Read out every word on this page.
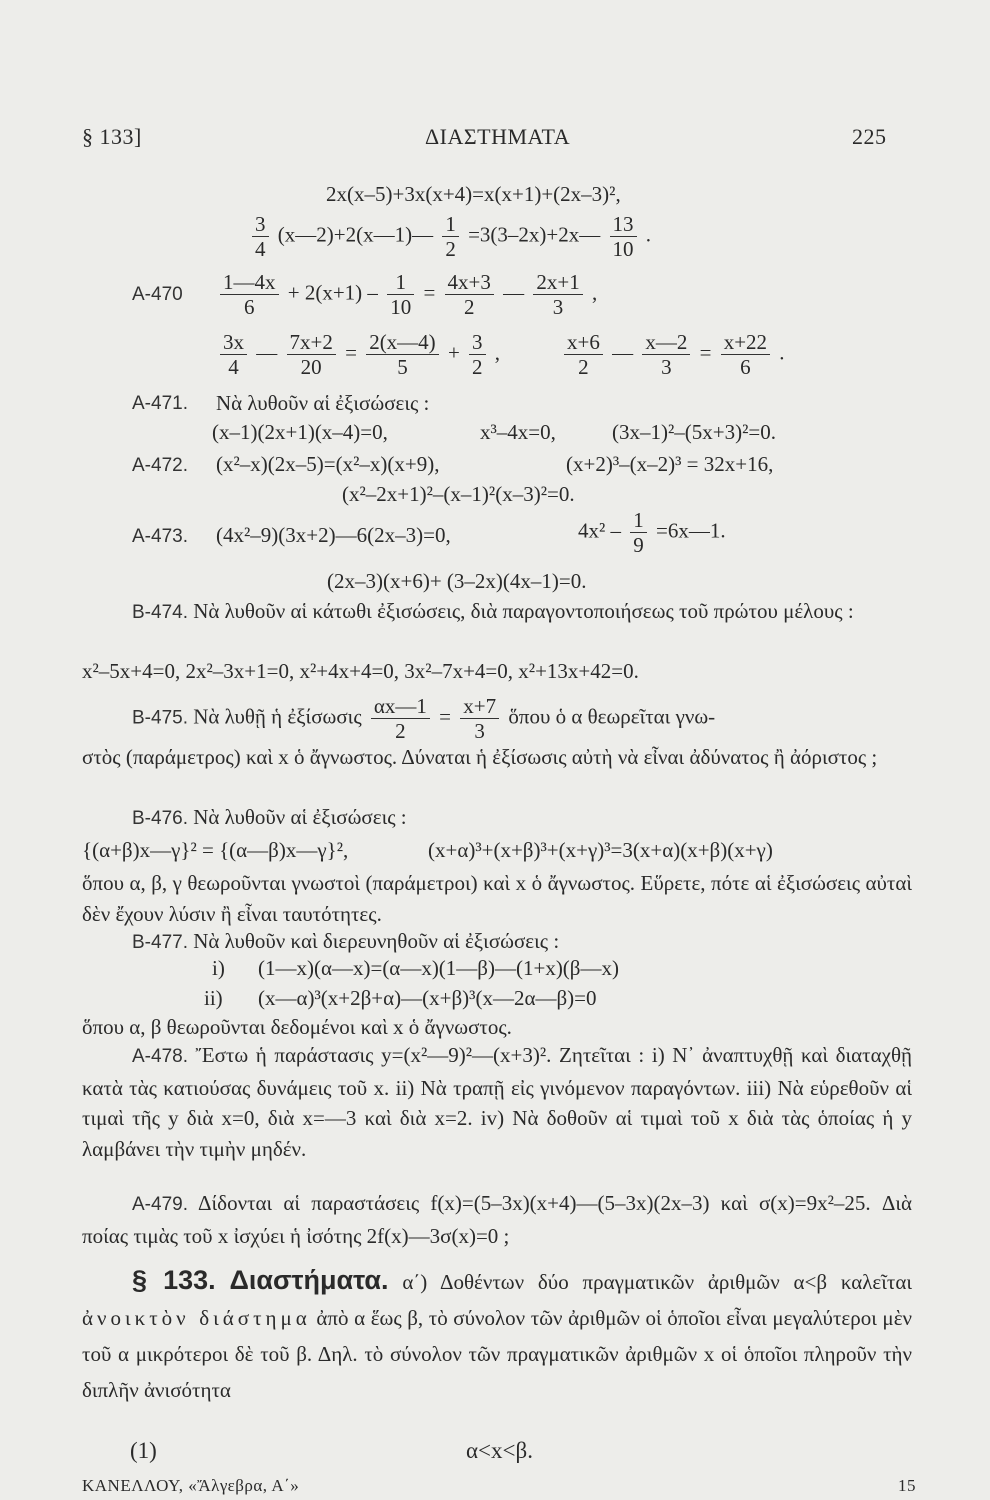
§ 133]	ΔΙΑΣΤΗΜΑΤΑ	225
2x(x–5)+3x(x+4)=x(x+1)+(2x–3)²,
$\frac{3}{4}$ (x—2)+2(x—1)— $\frac{1}{2}$ =3(3–2x)+2x— $\frac{13}{10}$ .
$A-470 \frac{1—4x}{6} + 2(x+1) - \frac{1}{10} = \frac{4x+3}{2}$ — $\frac{2x+1}{3}$ ,
$\frac{3x}{4}$ — $\frac{7x+2}{20} = \frac{2(x—4)}{5} + \frac{3}{2}$ ,	$\frac{x+6}{2}$ — $\frac{x—2}{3} = \frac{x+22}{6}$ .
Α-471. Νὰ λυθοῦν αἱ ἐξισώσεις :
(x–1)(2x+1)(x–4)=0,	x³–4x=0,	(3x–1)²–(5x+3)²=0.
Α-472. (x²–x)(2x–5)=(x²–x)(x+9),	(x+2)³–(x–2)³ = 32x+16,
(x²–2x+1)²–(x–1)²(x–3)²=0.
Α-473. (4x²–9)(3x+2)—6(2x–3)=0,	$4x^2 - \frac{1}{9}$ =6x—1.
(2x–3)(x+6)+ (3–2x)(4x–1)=0.
Β-474. Νὰ λυθοῦν αἱ κάτωθι ἐξισώσεις, διὰ παραγοντοποιήσεως τοῦ πρώτου μέλους :
x²–5x+4=0, 2x²–3x+1=0, x²+4x+4=0, 3x²–7x+4=0, x²+13x+42=0.
Β-475. Νὰ λυθῇ ἡ ἐξίσωσις $\frac{\alpha x—1}{2} = \frac{x+7}{3}$ ὅπου ὁ α θεωρεῖται γνω-
στὸς (παράμετρος) καὶ x ὁ ἄγνωστος. Δύναται ἡ ἐξίσωσις αὐτὴ νὰ εἶναι ἀδύνατος ἢ ἀόριστος ;
Β-476. Νὰ λυθοῦν αἱ ἐξισώσεις :
{(α+β)x—γ}² = {(α—β)x—γ}²,	(x+α)³+(x+β)³+(x+γ)³=3(x+α)(x+β)(x+γ)
ὅπου α, β, γ θεωροῦνται γνωστοὶ (παράμετροι) καὶ x ὁ ἄγνωστος. Εὕρετε, πότε αἱ ἐξισώσεις αὐταὶ δὲν ἔχουν λύσιν ἢ εἶναι ταυτότητες.
Β-477. Νὰ λυθοῦν καὶ διερευνηθοῦν αἱ ἐξισώσεις :
i) (1—x)(α—x)=(α—x)(1—β)—(1+x)(β—x)
ii) (x—α)³(x+2β+α)—(x+β)³(x—2α—β)=0
ὅπου α, β θεωροῦνται δεδομένοι καὶ x ὁ ἄγνωστος.
Α-478. Ἔστω ἡ παράστασις y=(x²—9)²—(x+3)². Ζητεῖται : i) Ν᾿ ἀναπτυχθῇ καὶ διαταχθῇ κατὰ τὰς κατιούσας δυνάμεις τοῦ x. ii) Νὰ τραπῇ εἰς γινόμενον παραγόντων. iii) Νὰ εὑρεθοῦν αἱ τιμαὶ τῆς y διὰ x=0, διὰ x=—3 καὶ διὰ x=2. iv) Νὰ δοθοῦν αἱ τιμαὶ τοῦ x διὰ τὰς ὁποίας ἡ y λαμβάνει τὴν τιμὴν μηδέν.
Α-479. Δίδονται αἱ παραστάσεις f(x)=(5–3x)(x+4)—(5–3x)(2x–3) καὶ σ(x)=9x²–25. Διὰ ποίας τιμὰς τοῦ x ἰσχύει ἡ ἰσότης 2f(x)—3σ(x)=0 ;
§ 133. Διαστήματα. α΄) Δοθέντων δύο πραγματικῶν ἀριθμῶν α<β καλεῖται ἀνοικτὸν διάστημα ἀπὸ α ἕως β, τὸ σύνολον τῶν ἀριθμῶν οἱ ὁποῖοι εἶναι μεγαλύτεροι μὲν τοῦ α μικρότεροι δὲ τοῦ β. Δηλ. τὸ σύνολον τῶν πραγματικῶν ἀριθμῶν x οἱ ὁποῖοι πληροῦν τὴν διπλῆν ἀνισότητα
(1)	α<x<β.
ΚΑΝΕΛΛΟΥ, «Ἄλγεβρα, Α΄»	15
